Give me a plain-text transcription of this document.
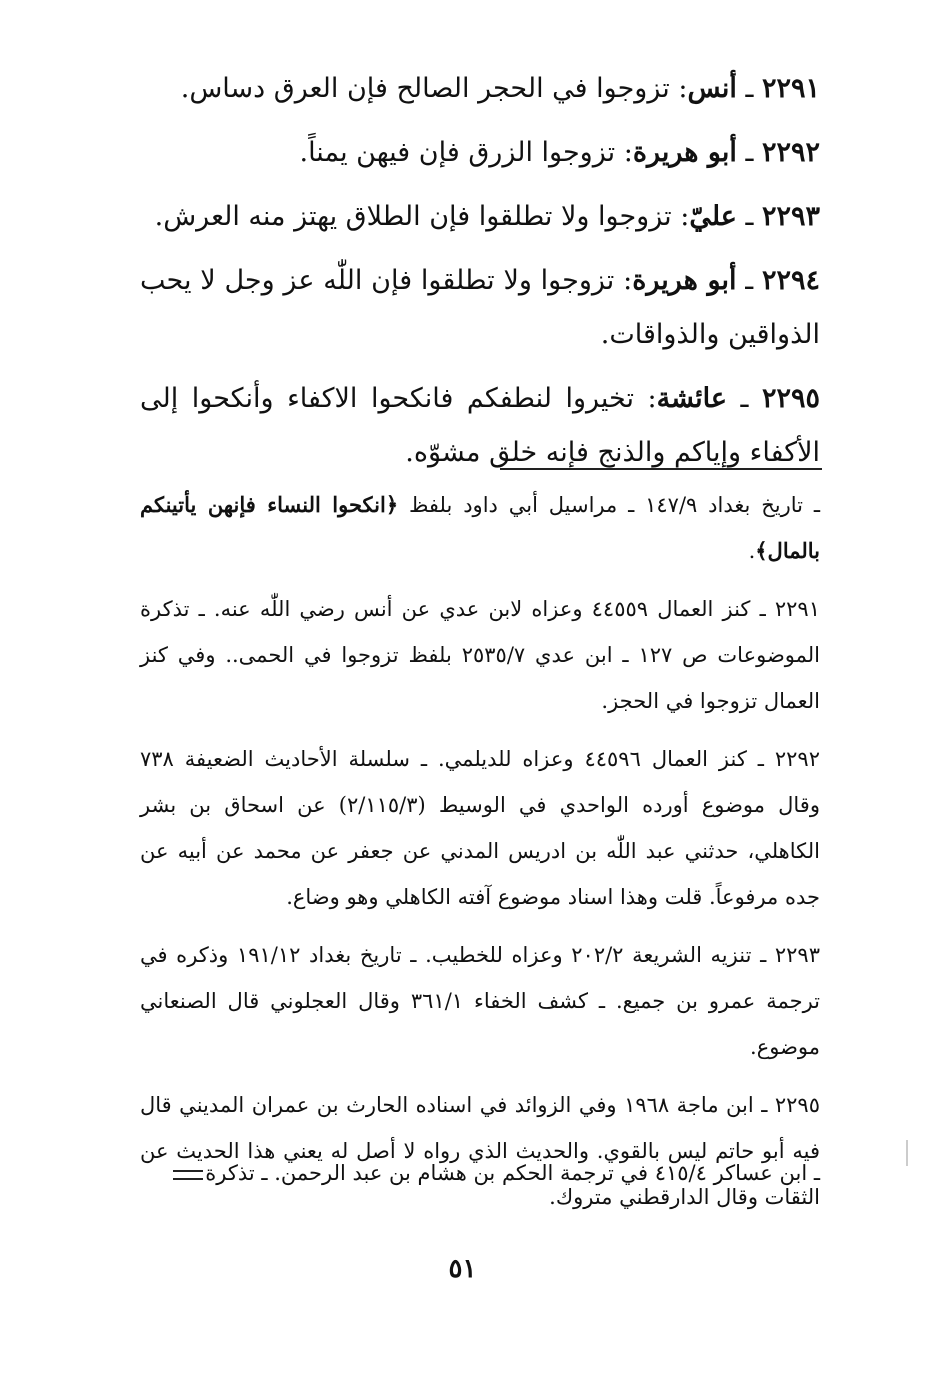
٢٢٩١ ـ أنس: تزوجوا في الحجر الصالح فإن العرق دساس.

٢٢٩٢ ـ أبو هريرة: تزوجوا الزرق فإن فيهن يمناً.

٢٢٩٣ ـ عليّ: تزوجوا ولا تطلقوا فإن الطلاق يهتز منه العرش.

٢٢٩٤ ـ أبو هريرة: تزوجوا ولا تطلقوا فإن اللّٰه عز وجل لا يحب الذواقين والذواقات.

٢٢٩٥ ـ عائشة: تخيروا لنطفكم فانكحوا الاكفاء وأنكحوا إلى الأكفاء وإياكم والذنج فإنه خلق مشوّه.

ـ تاريخ بغداد ١٤٧/٩ ـ مراسيل أبي داود بلفظ ﴿انكحوا النساء فإنهن يأتينكم بالمال﴾.

٢٢٩١ ـ كنز العمال ٤٤٥٥٩ وعزاه لابن عدي عن أنس رضي اللّٰه عنه. ـ تذكرة الموضوعات ص ١٢٧ ـ ابن عدي ٢٥٣٥/٧ بلفظ تزوجوا في الحمى.. وفي كنز العمال تزوجوا في الحجز.

٢٢٩٢ ـ كنز العمال ٤٤٥٩٦ وعزاه للديلمي. ـ سلسلة الأحاديث الضعيفة ٧٣٨ وقال موضوع أورده الواحدي في الوسيط (٢/١١٥/٣) عن اسحاق بن بشر الكاهلي، حدثني عبد اللّٰه بن ادريس المدني عن جعفر عن محمد عن أبيه عن جده مرفوعاً. قلت وهذا اسناد موضوع آفته الكاهلي وهو وضاع.

٢٢٩٣ ـ تنزيه الشريعة ٢٠٢/٢ وعزاه للخطيب. ـ تاريخ بغداد ١٩١/١٢ وذكره في ترجمة عمرو بن جميع. ـ كشف الخفاء ٣٦١/١ وقال العجلوني قال الصنعاني موضوع.

٢٢٩٥ ـ ابن ماجة ١٩٦٨ وفي الزوائد في اسناده الحارث بن عمران المديني قال فيه أبو حاتم ليس بالقوي. والحديث الذي رواه لا أصل له يعني هذا الحديث عن الثقات وقال الدارقطني متروك.

ـ ابن عساكر ٤١٥/٤ في ترجمة الحكم بن هشام بن عبد الرحمن. ـ تذكرة

٥١
